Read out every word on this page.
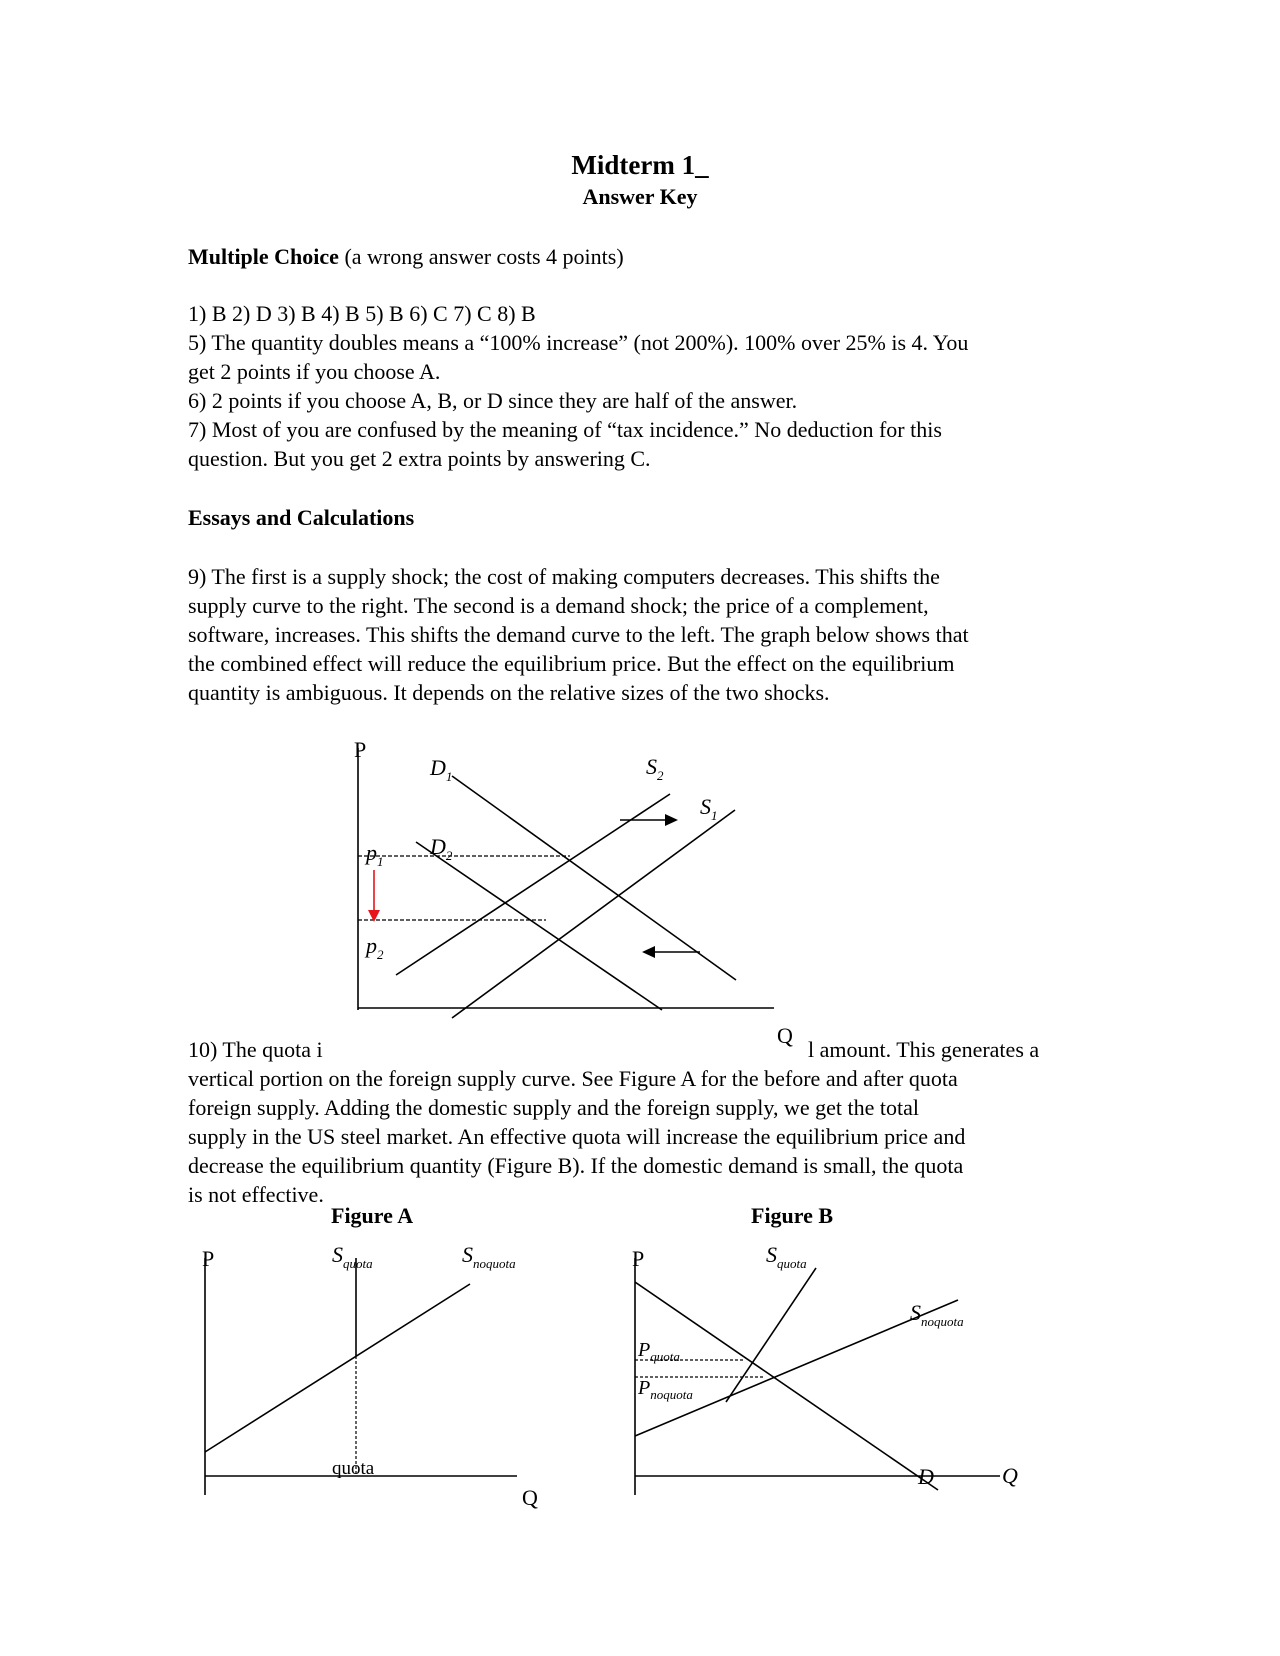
Midterm 1_
Answer Key

Multiple Choice (a wrong answer costs 4 points)

1) B 2) D 3) B 4) B 5) B 6) C 7) C 8) B
5) The quantity doubles means a “100% increase” (not 200%). 100% over 25% is 4. You
get 2 points if you choose A.
6) 2 points if you choose A, B, or D since they are half of the answer.
7) Most of you are confused by the meaning of “tax incidence.” No deduction for this
question. But you get 2 extra points by answering C.

Essays and Calculations

9) The first is a supply shock; the cost of making computers decreases. This shifts the
supply curve to the right. The second is a demand shock; the price of a complement,
software, increases. This shifts the demand curve to the left. The graph below shows that
the combined effect will reduce the equilibrium price. But the effect on the equilibrium
quantity is ambiguous. It depends on the relative sizes of the two shocks.
10) The quota i	l amount. This generates a
vertical portion on the foreign supply curve. See Figure A for the before and after quota
foreign supply. Adding the domestic supply and the foreign supply, we get the total
supply in the US steel market. An effective quota will increase the equilibrium price and
decrease the equilibrium quantity (Figure B). If the domestic demand is small, the quota
is not effective.
P
Q
$D_1$
$D_2$
$S_2$
$S_1$
$p_1$
$p_2$
Figure A	Figure B
P
Q
$S_{quota}$	$S_{noquota}$
quota
P
Q
$S_{quota}$
$S_{noquota}$
$P_{quota}$
$P_{noquota}$
D
